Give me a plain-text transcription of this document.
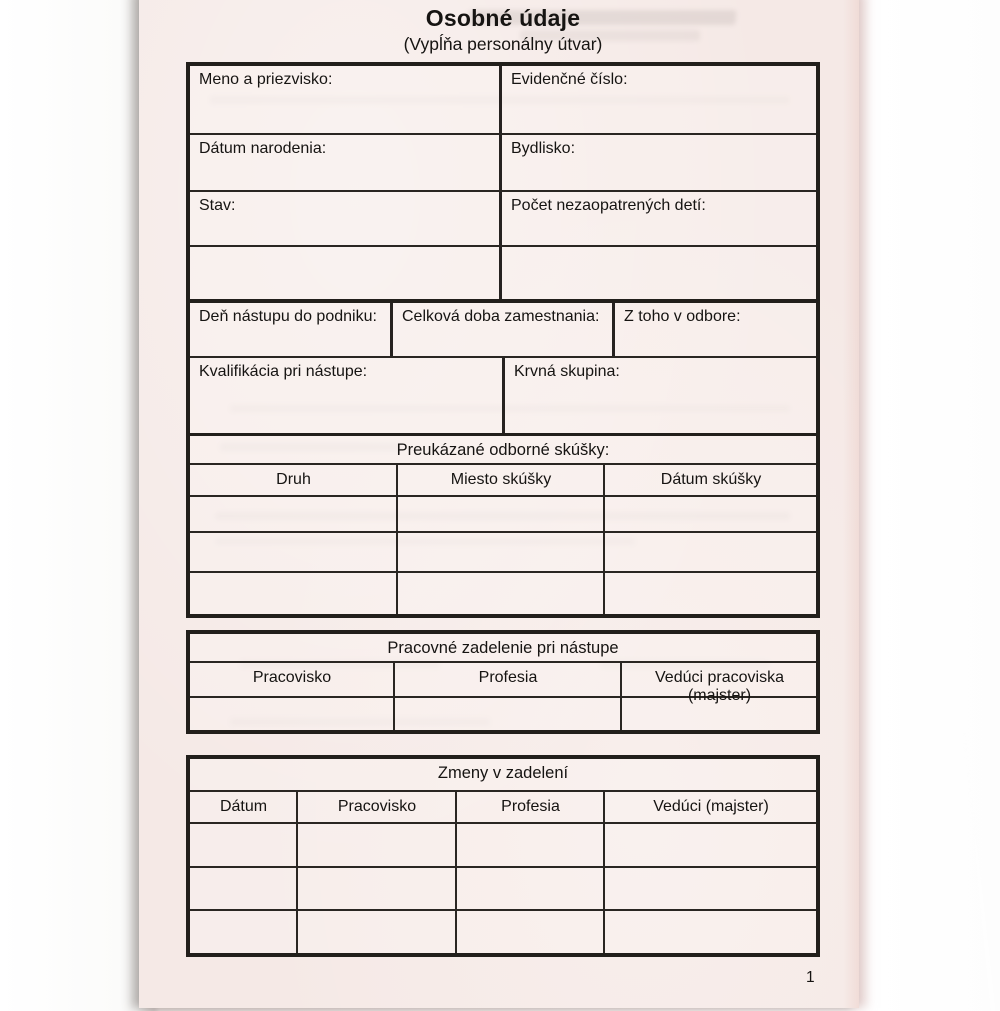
Osobné údaje
(Vypĺňa personálny útvar)
Meno a priezvisko:	Evidenčné číslo:
Dátum narodenia:	Bydlisko:
Stav:	Počet nezaopatrených detí:
Deň nástupu do podniku:	Celková doba zamestnania:	Z toho v odbore:
Kvalifikácia pri nástupe:	Krvná skupina:
Preukázané odborné skúšky:
Druh	Miesto skúšky	Dátum skúšky
Pracovné zadelenie pri nástupe
Pracovisko	Profesia	Vedúci pracoviska (majster)
Zmeny v zadelení
Dátum	Pracovisko	Profesia	Vedúci (majster)
1
